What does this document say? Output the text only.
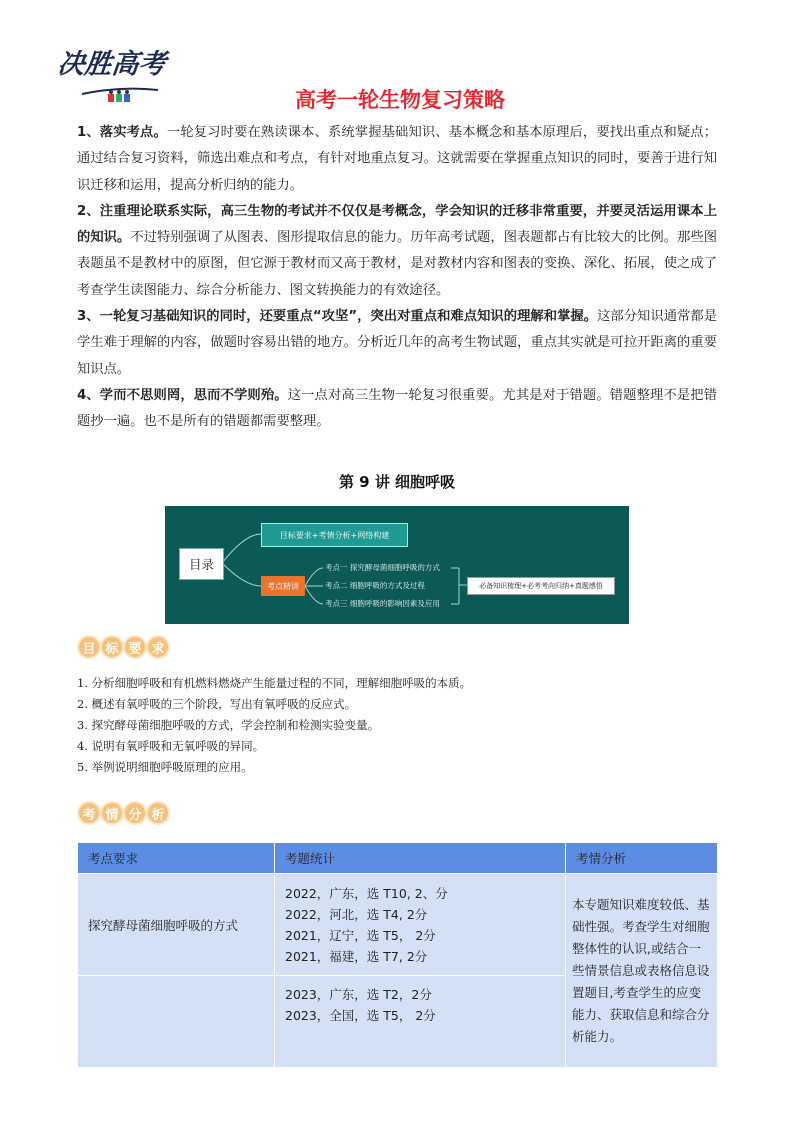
决胜高考
高考一轮生物复习策略

1、落实考点。一轮复习时要在熟读课本、系统掌握基础知识、基本概念和基本原理后，要找出重点和疑点；通过结合复习资料，筛选出难点和考点，有针对地重点复习。这就需要在掌握重点知识的同时，要善于进行知识迁移和运用，提高分析归纳的能力。

2、注重理论联系实际，高三生物的考试并不仅仅是考概念，学会知识的迁移非常重要，并要灵活运用课本上的知识。不过特别强调了从图表、图形提取信息的能力。历年高考试题，图表题都占有比较大的比例。那些图表题虽不是教材中的原图，但它源于教材而又高于教材，是对教材内容和图表的变换、深化、拓展，使之成了考查学生读图能力、综合分析能力、图文转换能力的有效途径。

3、一轮复习基础知识的同时，还要重点“攻坚”，突出对重点和难点知识的理解和掌握。这部分知识通常都是学生难于理解的内容，做题时容易出错的地方。分析近几年的高考生物试题，重点其实就是可拉开距离的重要知识点。

4、学而不思则罔，思而不学则殆。这一点对高三生物一轮复习很重要。尤其是对于错题。错题整理不是把错题抄一遍。也不是所有的错题都需要整理。

第 9 讲 细胞呼吸
目录
目标要求+考情分析+网络构建
考点精讲
考点一 探究酵母菌细胞呼吸的方式
考点二 细胞呼吸的方式及过程
考点三 细胞呼吸的影响因素及应用
必备知识梳理+必考考向归纳+真题感悟
目 标 要 求
1. 分析细胞呼吸和有机燃料燃烧产生能量过程的不同，理解细胞呼吸的本质。
2. 概述有氧呼吸的三个阶段，写出有氧呼吸的反应式。
3. 探究酵母菌细胞呼吸的方式，学会控制和检测实验变量。
4. 说明有氧呼吸和无氧呼吸的异同。
5. 举例说明细胞呼吸原理的应用。
考 情 分 析
考点要求	考题统计	考情分析
探究酵母菌细胞呼吸的方式	2022，广东，选 T10, 2、分
2022，河北，选 T4, 2分
2021，辽宁，选 T5， 2分
2021，福建，选 T7, 2分	本专题知识难度较低、基础性强。考查学生对细胞整体性的认识,或结合一些情景信息或表格信息设置题目,考查学生的应变能力、获取信息和综合分析能力。

	2023，广东，选 T2，2分
2023，全国，选 T5， 2分	
